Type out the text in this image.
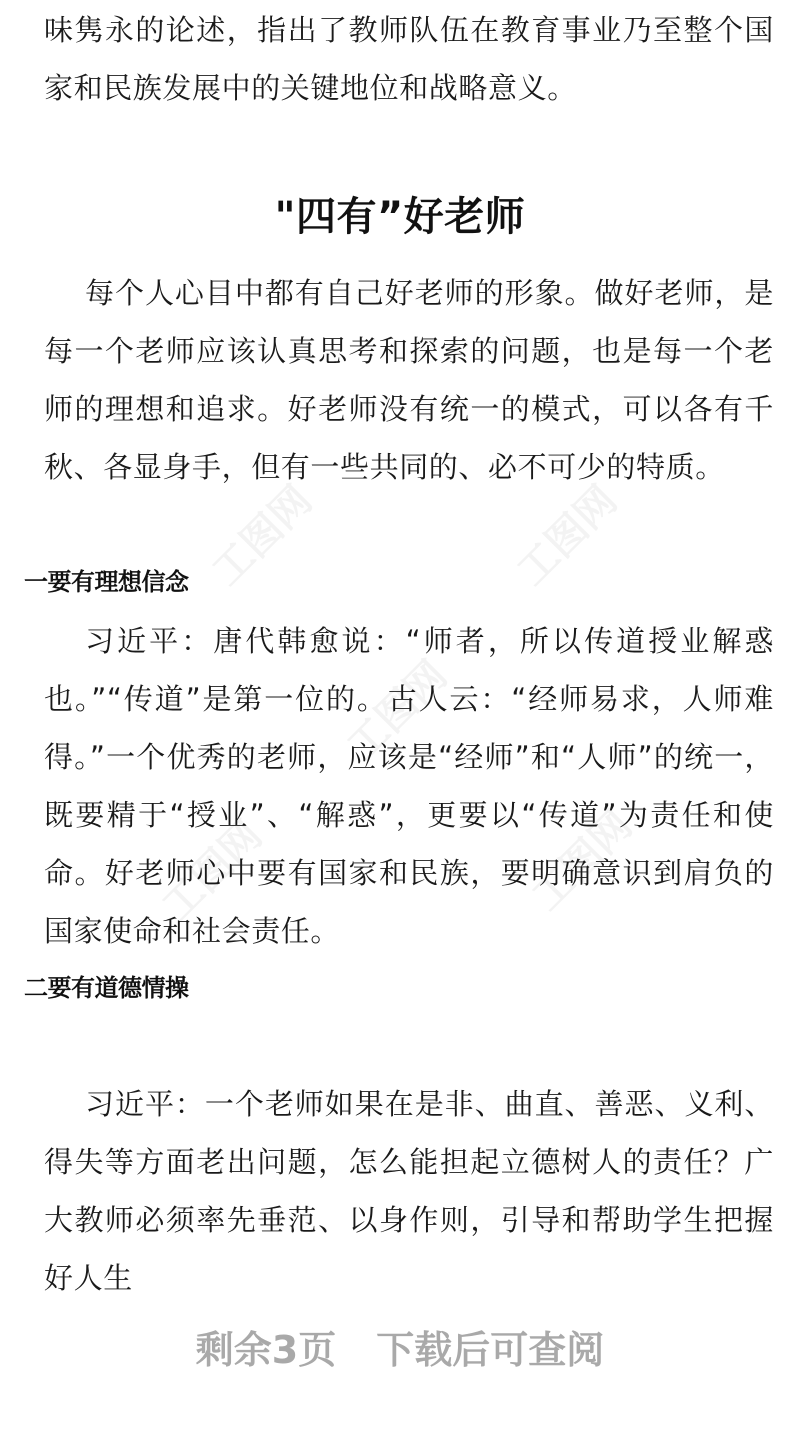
工图网	工图网
工图网
工图网	工图网

味隽永的论述，指出了教师队伍在教育事业乃至整个国家和民族发展中的关键地位和战略意义。

"四有”好老师

每个人心目中都有自己好老师的形象。做好老师，是每一个老师应该认真思考和探索的问题，也是每一个老师的理想和追求。好老师没有统一的模式，可以各有千秋、各显身手，但有一些共同的、必不可少的特质。

一要有理想信念

习近平：唐代韩愈说：“师者，所以传道授业解惑也。”“传道”是第一位的。古人云：“经师易求，人师难得。”一个优秀的老师，应该是“经师”和“人师”的统一，既要精于“授业”、“解惑”，更要以“传道”为责任和使命。好老师心中要有国家和民族，要明确意识到肩负的国家使命和社会责任。

二要有道德情操

习近平：一个老师如果在是非、曲直、善恶、义利、得失等方面老出问题，怎么能担起立德树人的责任？广大教师必须率先垂范、以身作则，引导和帮助学生把握好人生

剩余3页 下载后可查阅
